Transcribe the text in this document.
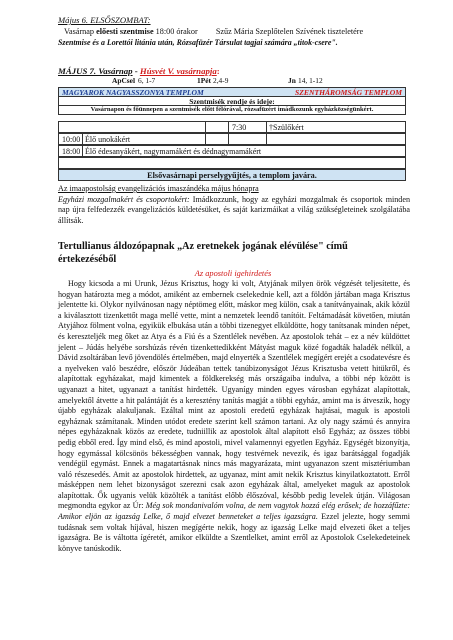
Május 6. ELSŐSZOMBAT:
Vasárnap előesti szentmise 18:00 órakor Szűz Mária Szeplőtelen Szívének tiszteletére
Szentmise és a Lorettói litánia után, Rózsafüzér Társulat tagjai számára „titok-csere".
MÁJUS 7. Vasárnap - Húsvét V. vasárnapja:
ApCsel 6, 1-7	1Pét 2,4-9	Jn 14, 1-12
MAGYAROK NAGYASSZONYA TEMPLOM	SZENTHÁROMSÁG TEMPLOM
Szentmisék rendje és ideje:
Vasárnapon és főünnepen a szentmisék előtt félórával, rózsafüzért imádkozunk egyházközségünkért.
7:30	†Szülőkért
10:00 Élő unokákért
18:00 Élő édesanyákért, nagymamákért és dédnagymamákért
Elsővasárnapi perselygyűjtés, a templom javára.
Az imaapostolság evangelizációs imaszándéka május hónapra
Egyházi mozgalmakért és csoportokért: Imádkozzunk, hogy az egyházi mozgalmak és csoportok minden nap újra felfedezzék evangelizációs küldetésüket, és saját karizmáikat a világ szükségleteinek szolgálatába állítsák.
Tertullianus áldozópapnak „Az eretnekek jogának elévülése" című értekezéséből
Az apostoli igehirdetés
Hogy kicsoda a mi Urunk, Jézus Krisztus, hogy ki volt, Atyjának milyen örök végzését teljesítette, és hogyan határozta meg a módot, amiként az embernek cselekednie kell, azt a földön jártában maga Krisztus jelentette ki. Olykor nyilvánosan nagy néptömeg előtt, máskor meg külön, csak a tanítványainak, akik közül a kiválasztott tizenkettőt maga mellé vette, mint a nemzetek leendő tanítóit. Feltámadását követően, miután Atyjához fölment volna, egyikük elbukása után a többi tizenegyet elküldötte, hogy tanítsanak minden népet, és kereszteljék meg őket az Atya és a Fiú és a Szentlélek nevében. Az apostolok tehát – ez a név küldöttet jelent – Júdás helyébe sorshúzás révén tizenkettedikként Mátyást maguk közé fogadták haladék nélkül, a Dávid zsoltárában levő jövendölés értelmében, majd elnyerték a Szentlélek megígért erejét a csodatevésre és a nyelveken való beszédre, először Júdeában tettek tanúbizonyságot Jézus Krisztusba vetett hitükről, és alapítottak egyházakat, majd kimentek a földkerekség más országaiba indulva, a többi nép között is ugyanazt a hitet, ugyanazt a tanítást hirdették. Ugyanígy minden egyes városban egyházat alapítottak, amelyektől átvette a hit palántáját és a keresztény tanítás magját a többi egyház, amint ma is átveszik, hogy újabb egyházak alakuljanak. Ezáltal mint az apostoli eredetű egyházak hajtásai, maguk is apostoli egyháznak számítanak. Minden utódot eredete szerint kell számon tartani. Az oly nagy számú és annyira népes egyházaknak közös az eredete, tudniillik az apostolok által alapított első Egyház; az összes többi pedig ebből ered. Így mind első, és mind apostoli, mivel valamennyi egyetlen Egyház. Egységét bizonyítja, hogy egymással kölcsönös békességben vannak, hogy testvérnek nevezik, és igaz barátsággal fogadják vendégül egymást. Ennek a magatartásnak nincs más magyarázata, mint ugyanazon szent misztériumban való részesedés. Amit az apostolok hirdettek, az ugyanaz, mint amit nekik Krisztus kinyilatkoztatott. Erről másképpen nem lehet bizonyságot szerezni csak azon egyházak által, amelyeket maguk az apostolok alapítottak. Ők ugyanis velük közölték a tanítást előbb élőszóval, később pedig levelek útján. Világosan megmondta egykor az Úr: Még sok mondanivalóm volna, de nem vagytok hozzá elég erősek; de hozzáfűzte: Amikor eljön az igazság Lelke, ő majd elvezet benneteket a teljes igazságra. Ezzel jelezte, hogy semmi tudásnak sem voltak híjával, hiszen megígérte nekik, hogy az igazság Lelke majd elvezeti őket a teljes igazságra. Be is váltotta ígéretét, amikor elküldte a Szentlelket, amint erről az Apostolok Cselekedeteinek könyve tanúskodik.
